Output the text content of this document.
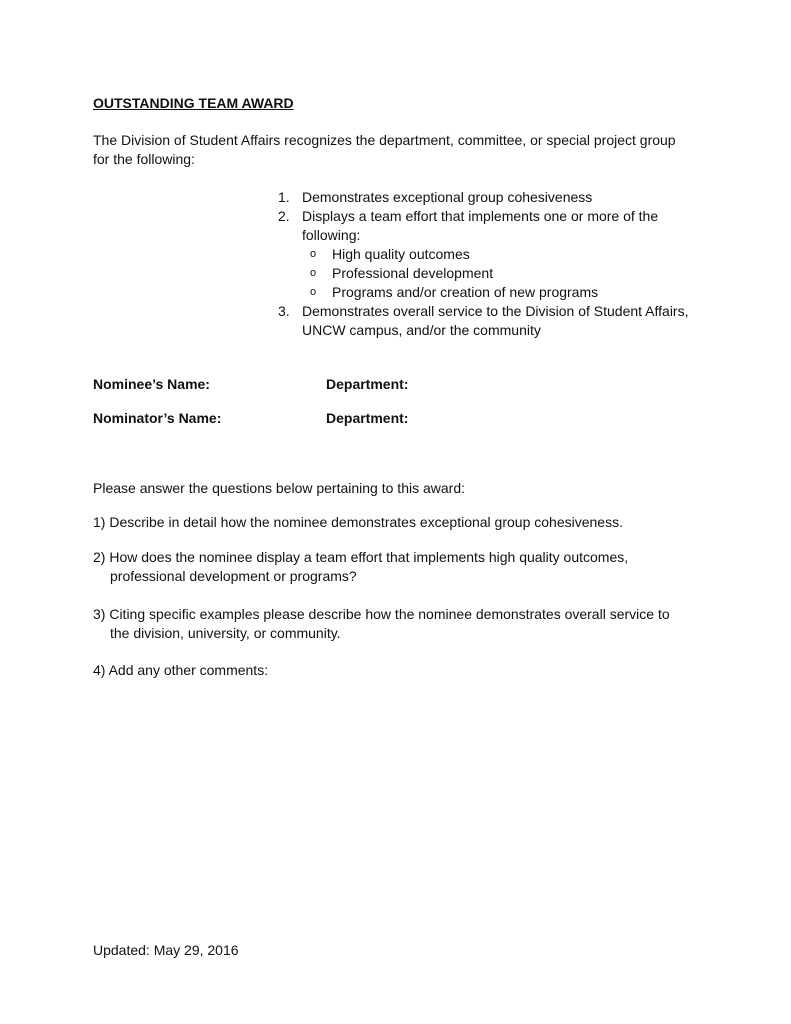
OUTSTANDING TEAM AWARD
The Division of Student Affairs recognizes the department, committee, or special project group
for the following:
1. Demonstrates exceptional group cohesiveness
2. Displays a team effort that implements one or more of the
following:
o High quality outcomes
o Professional development
o Programs and/or creation of new programs
3. Demonstrates overall service to the Division of Student Affairs,
UNCW campus, and/or the community
Nominee’s Name:	Department:
Nominator’s Name:	Department:
Please answer the questions below pertaining to this award:
1) Describe in detail how the nominee demonstrates exceptional group cohesiveness.
2) How does the nominee display a team effort that implements high quality outcomes,
professional development or programs?
3) Citing specific examples please describe how the nominee demonstrates overall service to
the division, university, or community.
4) Add any other comments:
Updated: May 29, 2016
